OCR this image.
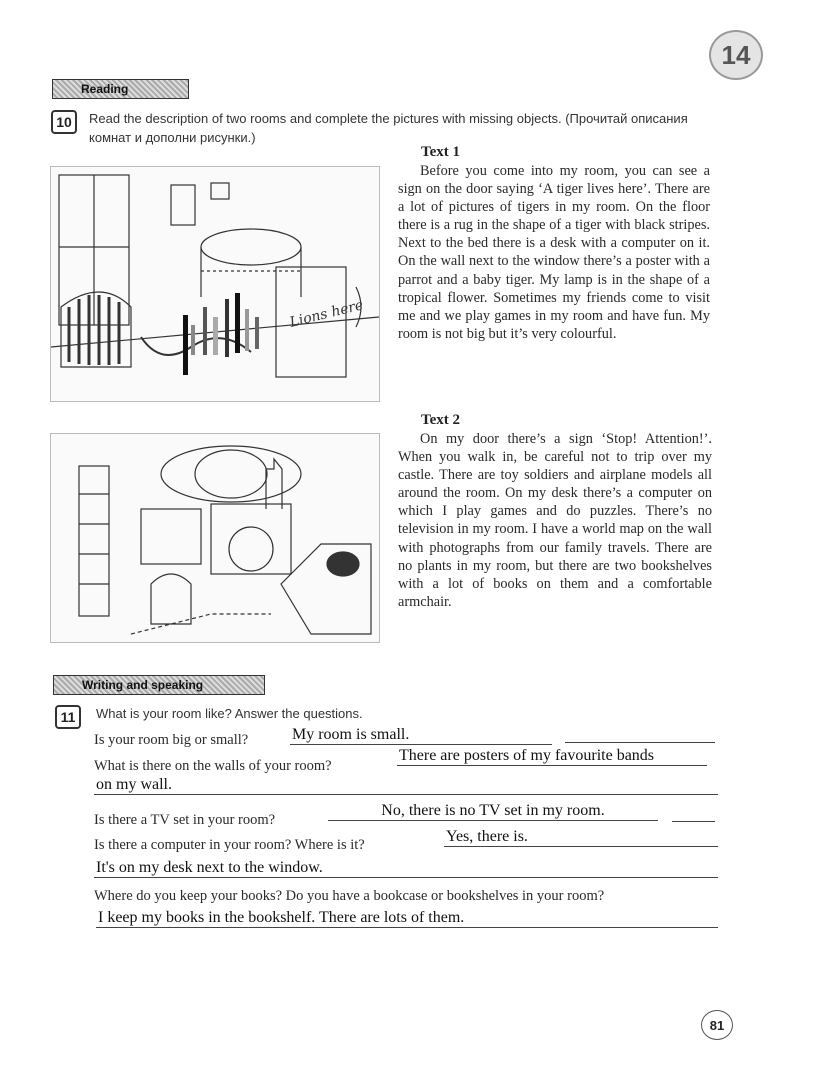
14
Reading
10	Read the description of two rooms and complete the pictures with missing objects. (Прочитай описания комнат и дополни рисунки.)
Lions here
Text 1
Before you come into my room, you can see a sign on the door saying ‘A tiger lives here’. There are a lot of pictures of tigers in my room. On the floor there is a rug in the shape of a tiger with black stripes. Next to the bed there is a desk with a computer on it. On the wall next to the window there’s a poster with a parrot and a baby tiger. My lamp is in the shape of a tropical flower. Sometimes my friends come to visit me and we play games in my room and have fun. My room is not big but it’s very colourful.
Text 2
On my door there’s a sign ‘Stop! Attention!’. When you walk in, be careful not to trip over my castle. There are toy soldiers and airplane models all around the room. On my desk there’s a computer on which I play games and do puzzles. There’s no television in my room. I have a world map on the wall with photographs from our family travels. There are no plants in my room, but there are two bookshelves with a lot of books on them and a comfortable armchair.
Writing and speaking
11	What is your room like? Answer the questions.
Is your room big or small?	My room is small.
What is there on the walls of your room?
There are posters of my favourite bands
on my wall.
Is there a TV set in your room?
No, there is no TV set in my room.
Is there a computer in your room? Where is it?	Yes, there is.
It's on my desk next to the window.
Where do you keep your books? Do you have a bookcase or bookshelves in your room?
I keep my books in the bookshelf. There are lots of them.
81
